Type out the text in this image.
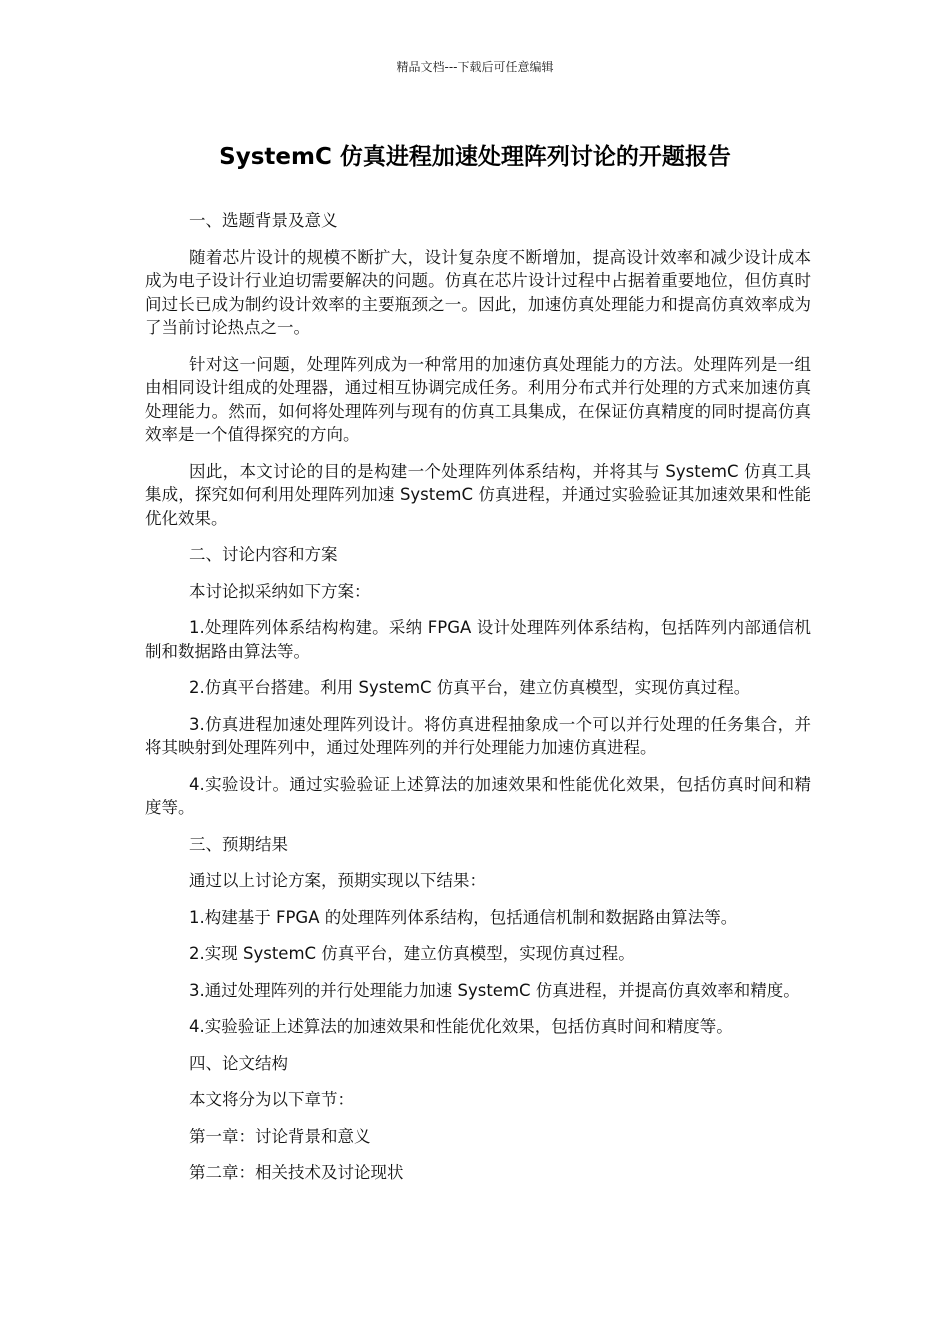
精品文档---下载后可任意编辑
SystemC 仿真进程加速处理阵列讨论的开题报告

一、选题背景及意义

随着芯片设计的规模不断扩大，设计复杂度不断增加，提高设计效率和减少设计成本成为电子设计行业迫切需要解决的问题。仿真在芯片设计过程中占据着重要地位，但仿真时间过长已成为制约设计效率的主要瓶颈之一。因此，加速仿真处理能力和提高仿真效率成为了当前讨论热点之一。

针对这一问题，处理阵列成为一种常用的加速仿真处理能力的方法。处理阵列是一组由相同设计组成的处理器，通过相互协调完成任务。利用分布式并行处理的方式来加速仿真处理能力。然而，如何将处理阵列与现有的仿真工具集成，在保证仿真精度的同时提高仿真效率是一个值得探究的方向。

因此，本文讨论的目的是构建一个处理阵列体系结构，并将其与 SystemC 仿真工具集成，探究如何利用处理阵列加速 SystemC 仿真进程，并通过实验验证其加速效果和性能优化效果。

二、讨论内容和方案

本讨论拟采纳如下方案：

1.处理阵列体系结构构建。采纳 FPGA 设计处理阵列体系结构，包括阵列内部通信机制和数据路由算法等。

2.仿真平台搭建。利用 SystemC 仿真平台，建立仿真模型，实现仿真过程。

3.仿真进程加速处理阵列设计。将仿真进程抽象成一个可以并行处理的任务集合，并将其映射到处理阵列中，通过处理阵列的并行处理能力加速仿真进程。

4.实验设计。通过实验验证上述算法的加速效果和性能优化效果，包括仿真时间和精度等。

三、预期结果

通过以上讨论方案，预期实现以下结果：

1.构建基于 FPGA 的处理阵列体系结构，包括通信机制和数据路由算法等。

2.实现 SystemC 仿真平台，建立仿真模型，实现仿真过程。

3.通过处理阵列的并行处理能力加速 SystemC 仿真进程，并提高仿真效率和精度。

4.实验验证上述算法的加速效果和性能优化效果，包括仿真时间和精度等。

四、论文结构

本文将分为以下章节：

第一章：讨论背景和意义

第二章：相关技术及讨论现状
